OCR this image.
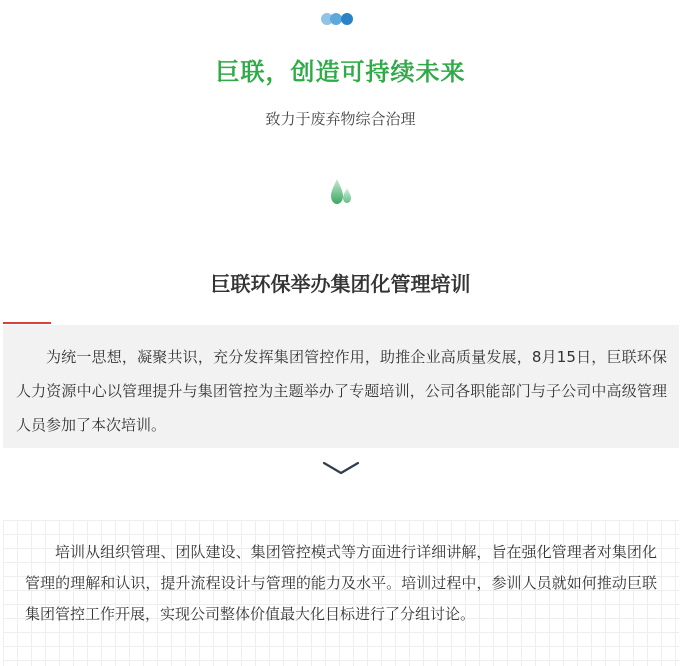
巨联，创造可持续未来
致力于废弃物综合治理
巨联环保举办集团化管理培训

为统一思想，凝聚共识，充分发挥集团管控作用，助推企业高质量发展，8月15日，巨联环保人力资源中心以管理提升与集团管控为主题举办了专题培训，公司各职能部门与子公司中高级管理人员参加了本次培训。

培训从组织管理、团队建设、集团管控模式等方面进行详细讲解，旨在强化管理者对集团化管理的理解和认识，提升流程设计与管理的能力及水平。培训过程中，参训人员就如何推动巨联集团管控工作开展，实现公司整体价值最大化目标进行了分组讨论。
